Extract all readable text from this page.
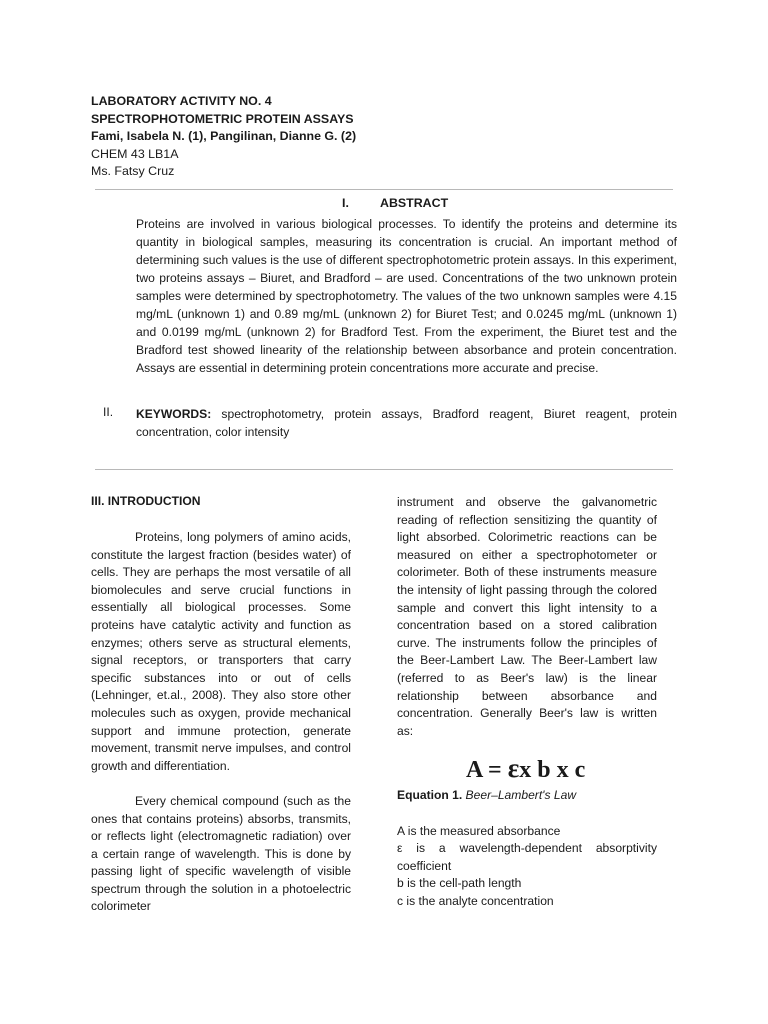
LABORATORY ACTIVITY NO. 4
SPECTROPHOTOMETRIC PROTEIN ASSAYS
Fami, Isabela N. (1), Pangilinan, Dianne G. (2)
CHEM 43 LB1A
Ms. Fatsy Cruz
I.	ABSTRACT
Proteins are involved in various biological processes. To identify the proteins and determine its quantity in biological samples, measuring its concentration is crucial. An important method of determining such values is the use of different spectrophotometric protein assays. In this experiment, two proteins assays – Biuret, and Bradford – are used. Concentrations of the two unknown protein samples were determined by spectrophotometry. The values of the two unknown samples were 4.15 mg/mL (unknown 1) and 0.89 mg/mL (unknown 2) for Biuret Test; and 0.0245 mg/mL (unknown 1) and 0.0199 mg/mL (unknown 2) for Bradford Test. From the experiment, the Biuret test and the Bradford test showed linearity of the relationship between absorbance and protein concentration. Assays are essential in determining protein concentrations more accurate and precise.
II. KEYWORDS: spectrophotometry, protein assays, Bradford reagent, Biuret reagent, protein concentration, color intensity
III. INTRODUCTION

Proteins, long polymers of amino acids, constitute the largest fraction (besides water) of cells. They are perhaps the most versatile of all biomolecules and serve crucial functions in essentially all biological processes. Some proteins have catalytic activity and function as enzymes; others serve as structural elements, signal receptors, or transporters that carry specific substances into or out of cells (Lehninger, et.al., 2008). They also store other molecules such as oxygen, provide mechanical support and immune protection, generate movement, transmit nerve impulses, and control growth and differentiation.

Every chemical compound (such as the ones that contains proteins) absorbs, transmits, or reflects light (electromagnetic radiation) over a certain range of wavelength. This is done by passing light of specific wavelength of visible spectrum through the solution in a photoelectric colorimeter

instrument and observe the galvanometric reading of reflection sensitizing the quantity of light absorbed. Colorimetric reactions can be measured on either a spectrophotometer or colorimeter. Both of these instruments measure the intensity of light passing through the colored sample and convert this light intensity to a concentration based on a stored calibration curve. The instruments follow the principles of the Beer-Lambert Law. The Beer-Lambert law (referred to as Beer's law) is the linear relationship between absorbance and concentration. Generally Beer's law is written as:

A = εx b x c
Equation 1. Beer–Lambert's Law
A is the measured absorbance
ε is a wavelength-dependent absorptivity coefficient
b is the cell-path length
c is the analyte concentration
